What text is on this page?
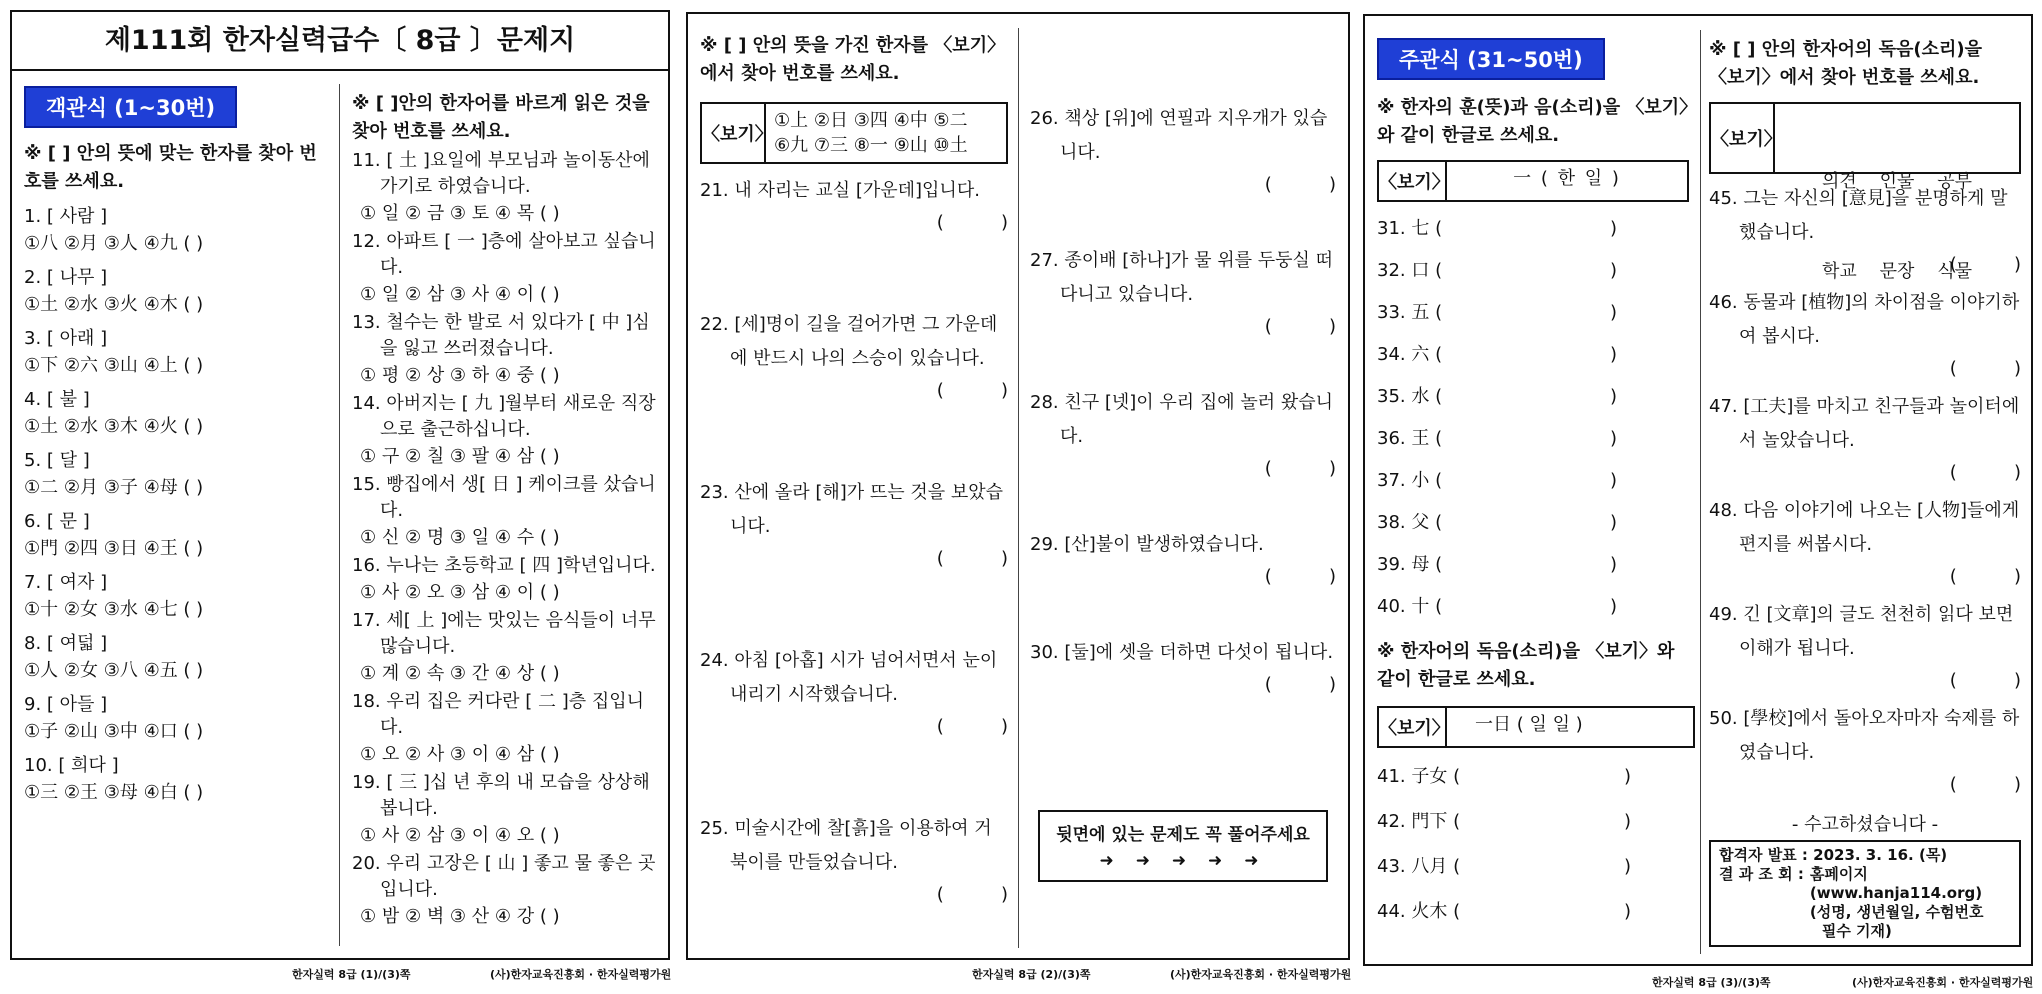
제111회 한자실력급수〔 8급 〕문제지
객관식 (1~30번)
※ [ ] 안의 뜻에 맞는 한자를 찾아 번호를 쓰세요.
1. [ 사람 ]
①八 ②月 ③人 ④九 ( )
2. [ 나무 ]
①土 ②水 ③火 ④木 ( )
3. [ 아래 ]
①下 ②六 ③山 ④上 ( )
4. [ 불 ]
①土 ②水 ③木 ④火 ( )
5. [ 달 ]
①二 ②月 ③子 ④母 ( )
6. [ 문 ]
①門 ②四 ③日 ④王 ( )
7. [ 여자 ]
①十 ②女 ③水 ④七 ( )
8. [ 여덟 ]
①人 ②女 ③八 ④五 ( )
9. [ 아들 ]
①子 ②山 ③中 ④口 ( )
10. [ 희다 ]
①三 ②王 ③母 ④白 ( )
※ [ ]안의 한자어를 바르게 읽은 것을 찾아 번호를 쓰세요.
11. [ 土 ]요일에 부모님과 놀이동산에 가기로 하였습니다.
① 일 ② 금 ③ 토 ④ 목 ( )
12. 아파트 [ 一 ]층에 살아보고 싶습니다.
① 일 ② 삼 ③ 사 ④ 이 ( )
13. 철수는 한 발로 서 있다가 [ 中 ]심을 잃고 쓰러졌습니다.
① 평 ② 상 ③ 하 ④ 중 ( )
14. 아버지는 [ 九 ]월부터 새로운 직장으로 출근하십니다.
① 구 ② 칠 ③ 팔 ④ 삼 ( )
15. 빵집에서 생[ 日 ] 케이크를 샀습니다.
① 신 ② 명 ③ 일 ④ 수 ( )
16. 누나는 초등학교 [ 四 ]학년입니다.
① 사 ② 오 ③ 삼 ④ 이 ( )
17. 세[ 上 ]에는 맛있는 음식들이 너무 많습니다.
① 계 ② 속 ③ 간 ④ 상 ( )
18. 우리 집은 커다란 [ 二 ]층 집입니다.
① 오 ② 사 ③ 이 ④ 삼 ( )
19. [ 三 ]십 년 후의 내 모습을 상상해 봅니다.
① 사 ② 삼 ③ 이 ④ 오 ( )
20. 우리 고장은 [ 山 ] 좋고 물 좋은 곳입니다.
① 밤 ② 벽 ③ 산 ④ 강 ( )
한자실력 8급 (1)/(3)쪽	(사)한자교육진흥회 · 한자실력평가원
※ [ ] 안의 뜻을 가진 한자를 〈보기〉에서 찾아 번호를 쓰세요.
〈보기〉
①上 ②日 ③四 ④中 ⑤二
⑥九 ⑦三 ⑧一 ⑨山 ⑩土
21. 내 자리는 교실 [가운데]입니다.
(          )
22. [세]명이 길을 걸어가면 그 가운데에 반드시 나의 스승이 있습니다.
(          )
23. 산에 올라 [해]가 뜨는 것을 보았습니다.
(          )
24. 아침 [아홉] 시가 넘어서면서 눈이 내리기 시작했습니다.
(          )
25. 미술시간에 찰[흙]을 이용하여 거북이를 만들었습니다.
(          )
26. 책상 [위]에 연필과 지우개가 있습니다.
(          )
27. 종이배 [하나]가 물 위를 두둥실 떠다니고 있습니다.
(          )
28. 친구 [넷]이 우리 집에 놀러 왔습니다.
(          )
29. [산]불이 발생하였습니다.
(          )
30. [둘]에 셋을 더하면 다섯이 됩니다.
(          )
뒷면에 있는 문제도 꼭 풀어주세요
➜ ➜ ➜ ➜ ➜
한자실력 8급 (2)/(3)쪽	(사)한자교육진흥회 · 한자실력평가원
주관식 (31~50번)
※ 한자의 훈(뜻)과 음(소리)을 〈보기〉와 같이 한글로 쓰세요.
〈보기〉	一 ( 한 일 )
31. 七 (	)
32. 口 (	)
33. 五 (	)
34. 六 (	)
35. 水 (	)
36. 王 (	)
37. 小 (	)
38. 父 (	)
39. 母 (	)
40. 十 (	)
※ 한자어의 독음(소리)을 〈보기〉와 같이 한글로 쓰세요.
〈보기〉	一日 ( 일 일 )
41. 子女 (	)
42. 門下 (	)
43. 八月 (	)
44. 火木 (	)
※ [ ] 안의 한자어의 독음(소리)을 〈보기〉에서 찾아 번호를 쓰세요.
〈보기〉

의견    인물    공부

학교    문장    식물

45. 그는 자신의 [意見]을 분명하게 말했습니다.
(          )
46. 동물과 [植物]의 차이점을 이야기하여 봅시다.
(          )
47. [工夫]를 마치고 친구들과 놀이터에서 놀았습니다.
(          )
48. 다음 이야기에 나오는 [人物]들에게 편지를 써봅시다.
(          )
49. 긴 [文章]의 글도 천천히 읽다 보면 이해가 됩니다.
(          )
50. [學校]에서 돌아오자마자 숙제를 하였습니다.
(          )
- 수고하셨습니다 -
합격자 발표 : 2023. 3. 16. (목)
결 과 조 회 : 홈페이지
(www.hanja114.org)
(성명, 생년월일, 수험번호
필수 기재)
한자실력 8급 (3)/(3)쪽	(사)한자교육진흥회 · 한자실력평가원
